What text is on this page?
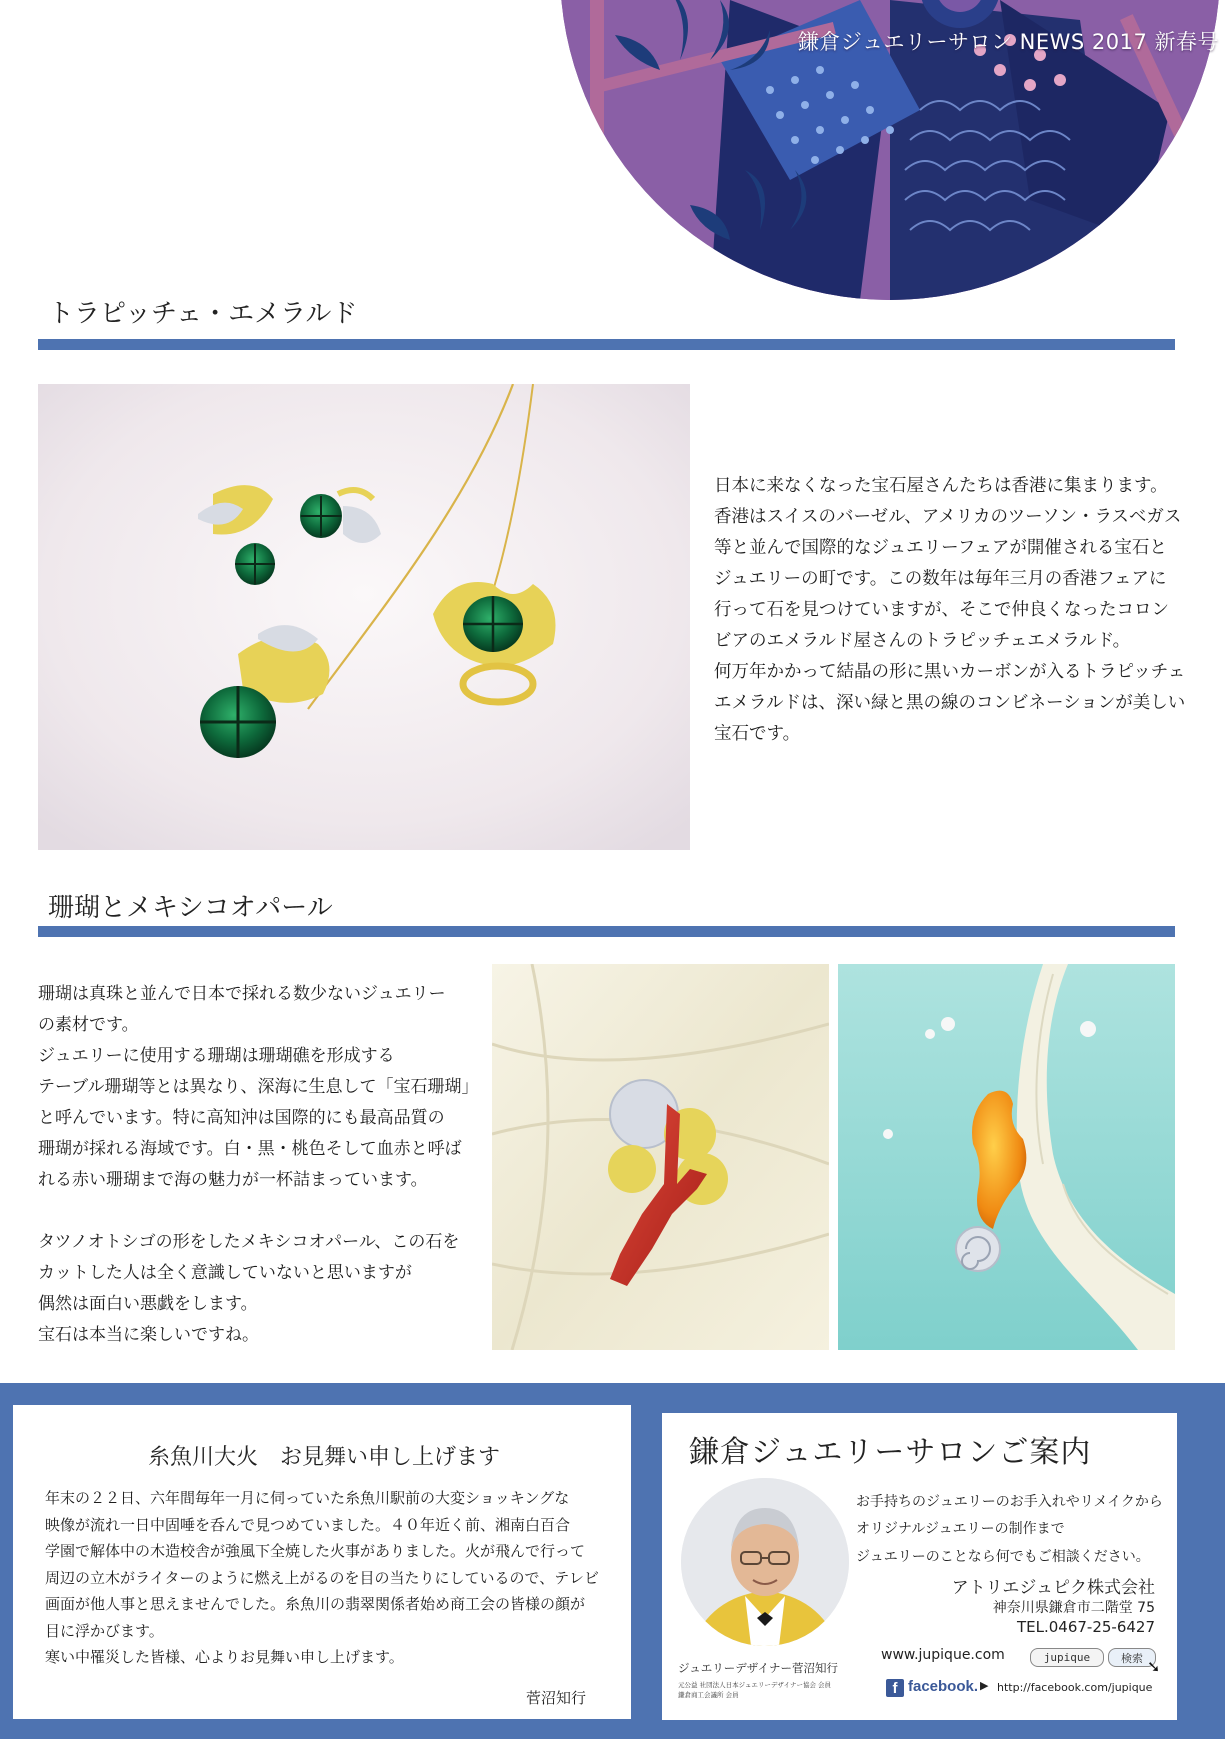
鎌倉ジュエリーサロン NEWS 2017 新春号
トラピッチェ・エメラルド

日本に来なくなった宝石屋さんたちは香港に集まります。

香港はスイスのバーゼル、アメリカのツーソン・ラスベガス

等と並んで国際的なジュエリーフェアが開催される宝石と

ジュエリーの町です。この数年は毎年三月の香港フェアに

行って石を見つけていますが、そこで仲良くなったコロン

ビアのエメラルド屋さんのトラピッチェエメラルド。

何万年かかって結晶の形に黒いカーボンが入るトラピッチェ

エメラルドは、深い緑と黒の線のコンビネーションが美しい

宝石です。

珊瑚とメキシコオパール

珊瑚は真珠と並んで日本で採れる数少ないジュエリー

の素材です。

ジュエリーに使用する珊瑚は珊瑚礁を形成する

テーブル珊瑚等とは異なり、深海に生息して「宝石珊瑚」

と呼んでいます。特に高知沖は国際的にも最高品質の

珊瑚が採れる海域です。白・黒・桃色そして血赤と呼ば

れる赤い珊瑚まで海の魅力が一杯詰まっています。

タツノオトシゴの形をしたメキシコオパール、この石を

カットした人は全く意識していないと思いますが

偶然は面白い悪戯をします。

宝石は本当に楽しいですね。

糸魚川大火　お見舞い申し上げます

年末の２２日、六年間毎年一月に伺っていた糸魚川駅前の大変ショッキングな

映像が流れ一日中固唾を呑んで見つめていました。４０年近く前、湘南白百合

学園で解体中の木造校舎が強風下全焼した火事がありました。火が飛んで行って

周辺の立木がライターのように燃え上がるのを目の当たりにしているので、テレビ

画面が他人事と思えませんでした。糸魚川の翡翠関係者始め商工会の皆様の顔が

目に浮かびます。

寒い中罹災した皆様、心よりお見舞い申し上げます。

菅沼知行
鎌倉ジュエリーサロンご案内
お手持ちのジュエリーのお手入れやリメイクから
オリジナルジュエリーの制作まで
ジュエリーのことなら何でもご相談ください。
アトリエジュピク株式会社
神奈川県鎌倉市二階堂 75
TEL.0467-25-6427
www.jupique.com	jupique	検索 ➘
ジュエリーデザイナー菅沼知行
元公益 社団法人日本ジュエリーデザイナー協会 会員
鎌倉商工会議所 会員	f facebook. ▶ http://facebook.com/jupique
